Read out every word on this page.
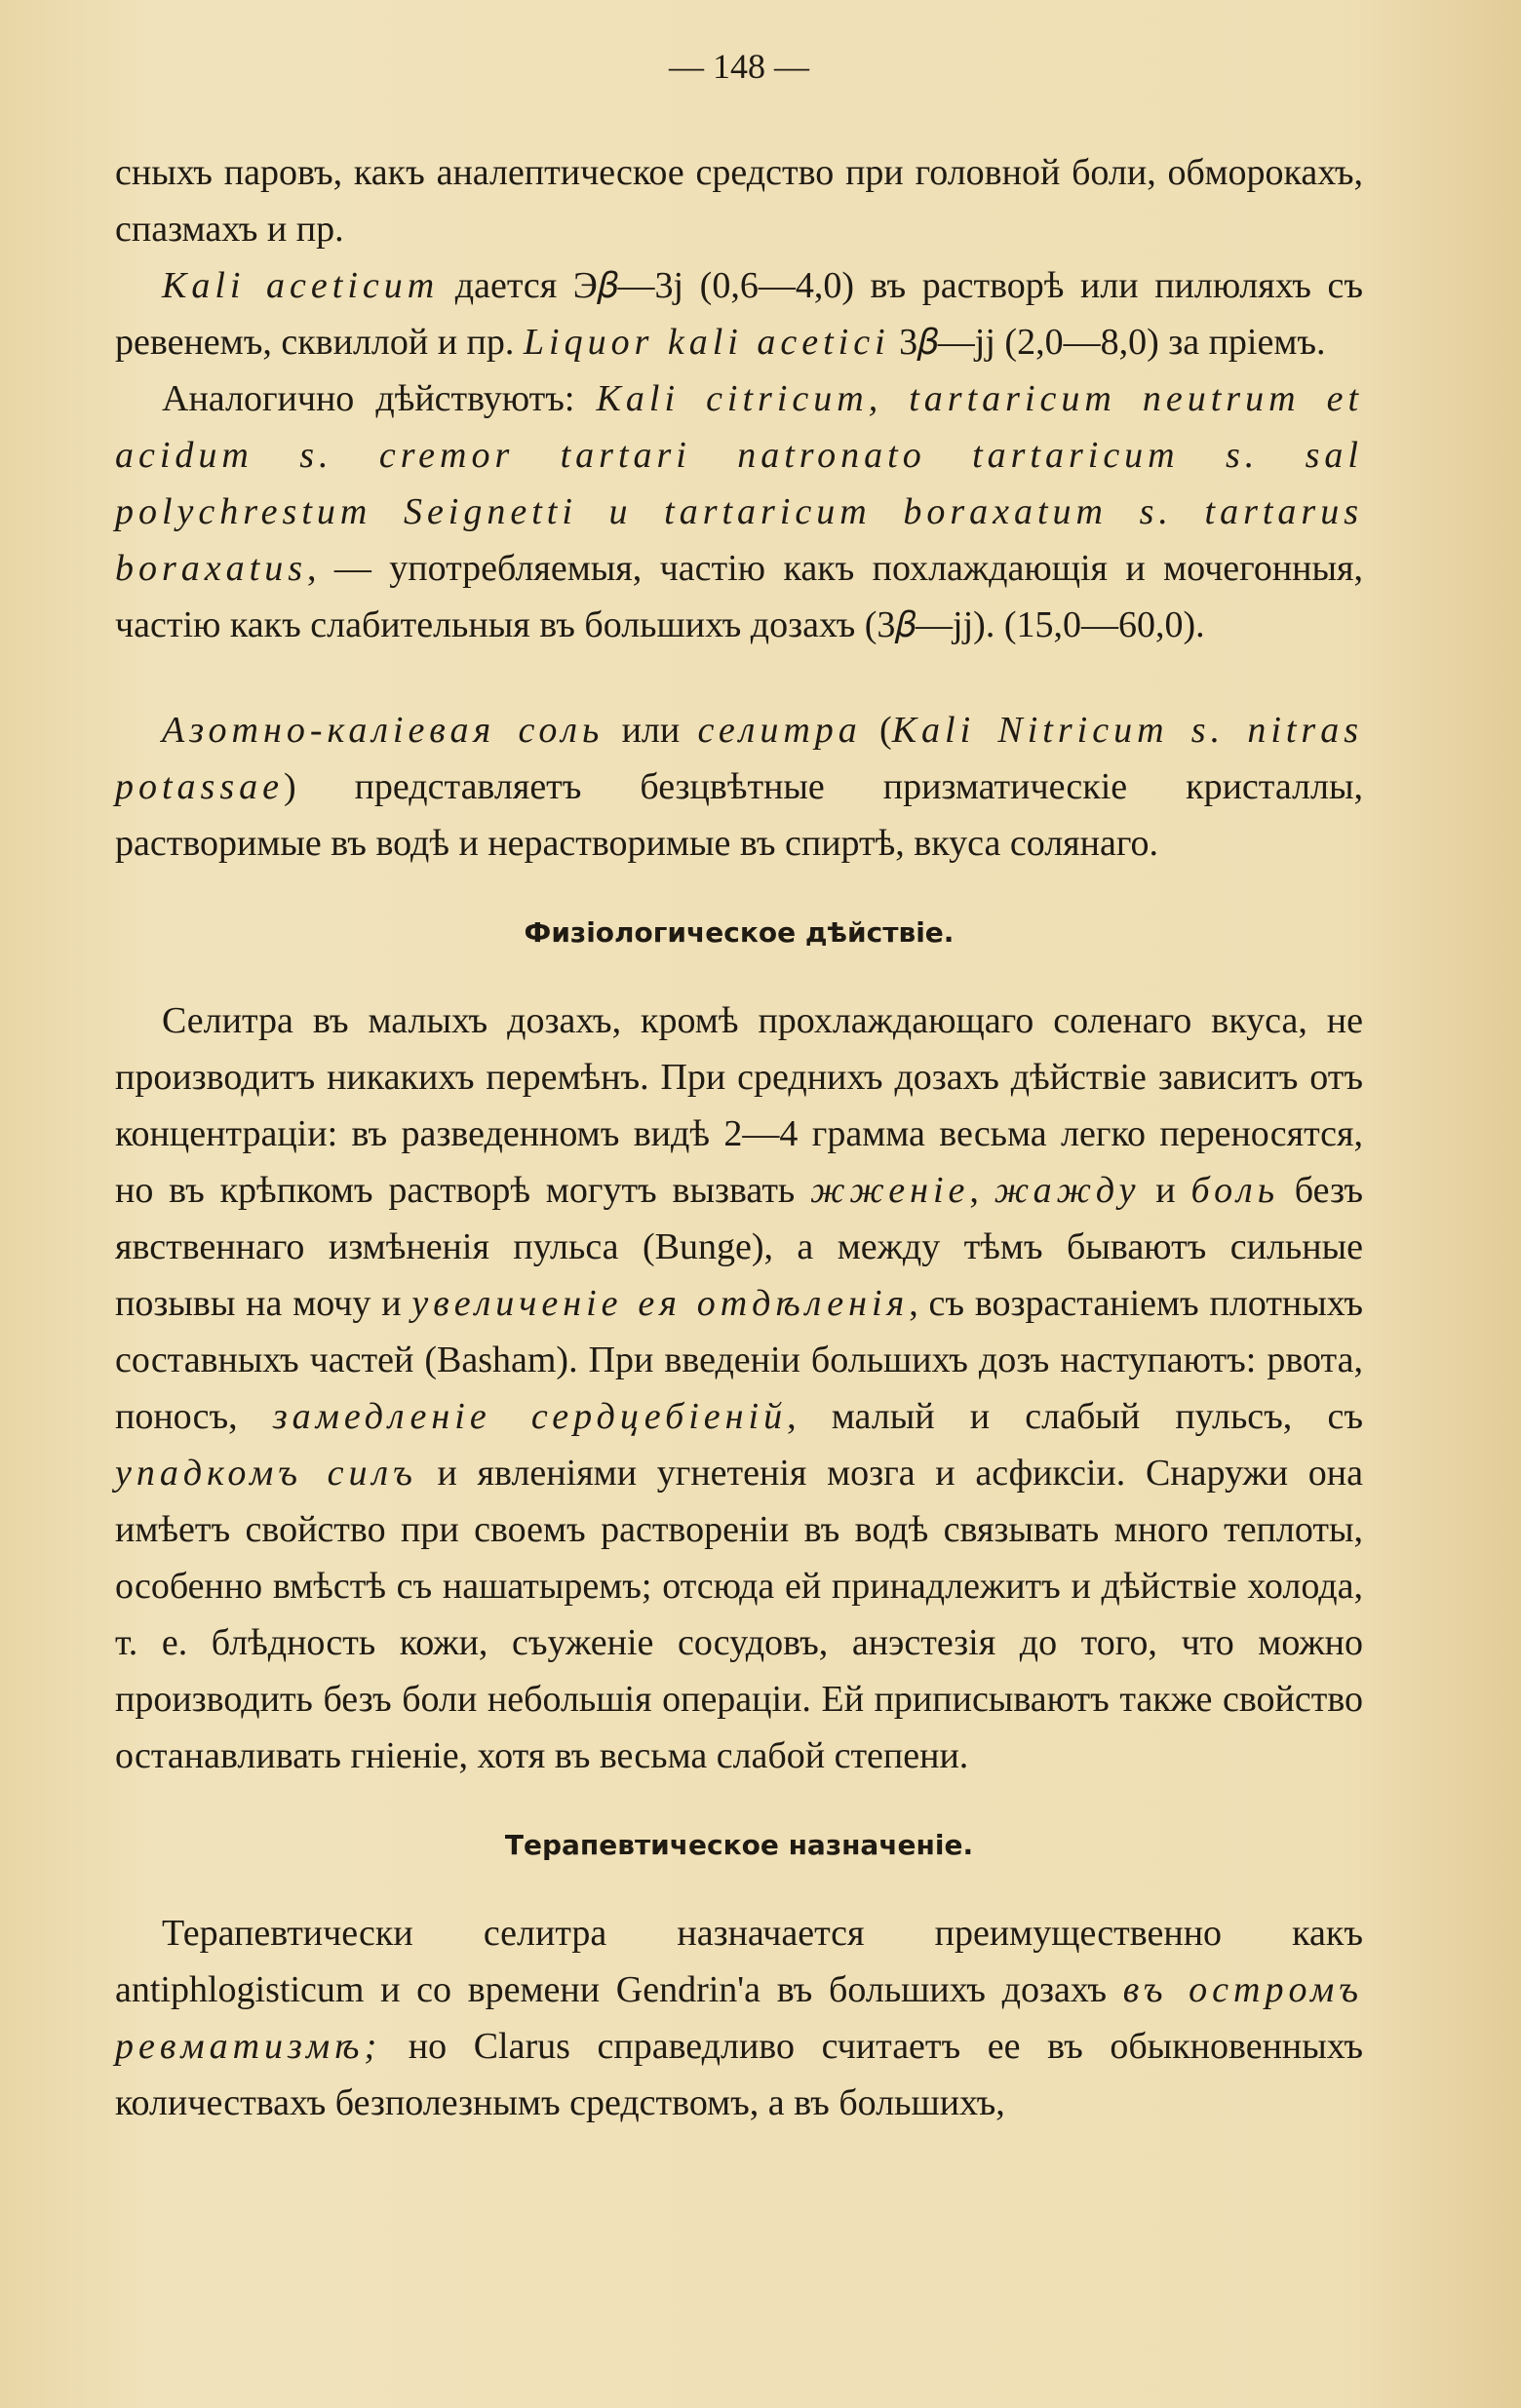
— 148 —

сныхъ паровъ, какъ аналептическое средство при головной боли, обморокахъ, спазмахъ и пр.

Kali aceticum дается Э𝛽—3j (0,6—4,0) въ растворѣ или пилюляхъ съ ревенемъ, сквиллой и пр. Liquor kali acetici 3𝛽—jj (2,0—8,0) за пріемъ.

Аналогично дѣйствуютъ: Kali citricum, tartaricum neutrum et acidum s. cremor tartari natronato tartaricum s. sal polychrestum Seignetti и tartaricum boraxatum s. tartarus boraxatus, — употребляемыя, частію какъ похлаждающія и мочегонныя, частію какъ слабительныя въ большихъ дозахъ (3𝛽—jj). (15,0—60,0).

Азотно-каліевая соль или селитра (Kali Nitricum s. nitras potassae) представляетъ безцвѣтные призматическіе кристаллы, растворимые въ водѣ и нерастворимые въ спиртѣ, вкуса солянаго.

Физіологическое дѣйствіе.

Селитра въ малыхъ дозахъ, кромѣ прохлаждающаго соленаго вкуса, не производитъ никакихъ перемѣнъ. При среднихъ дозахъ дѣйствіе зависитъ отъ концентраціи: въ разведенномъ видѣ 2—4 грамма весьма легко переносятся, но въ крѣпкомъ растворѣ могутъ вызвать жженіе, жажду и боль безъ явственнаго измѣненія пульса (Bunge), а между тѣмъ бываютъ сильные позывы на мочу и увеличеніе ея отдѣленія, съ возрастаніемъ плотныхъ составныхъ частей (Basham). При введеніи большихъ дозъ наступаютъ: рвота, поносъ, замедленіе сердцебіеній, малый и слабый пульсъ, съ упадкомъ силъ и явленіями угнетенія мозга и асфиксіи. Снаружи она имѣетъ свойство при своемъ раствореніи въ водѣ связывать много теплоты, особенно вмѣстѣ съ нашатыремъ; отсюда ей принадлежитъ и дѣйствіе холода, т. е. блѣдность кожи, съуженіе сосудовъ, анэстезія до того, что можно производить безъ боли небольшія операціи. Ей приписываютъ также свойство останавливать гніеніе, хотя въ весьма слабой степени.

Терапевтическое назначеніе.

Терапевтически селитра назначается преимущественно какъ antiphlogisticum и со времени Gendrin'а въ большихъ дозахъ въ остромъ ревматизмѣ; но Clarus справедливо считаетъ ее въ обыкновенныхъ количествахъ безполезнымъ средствомъ, а въ большихъ,
